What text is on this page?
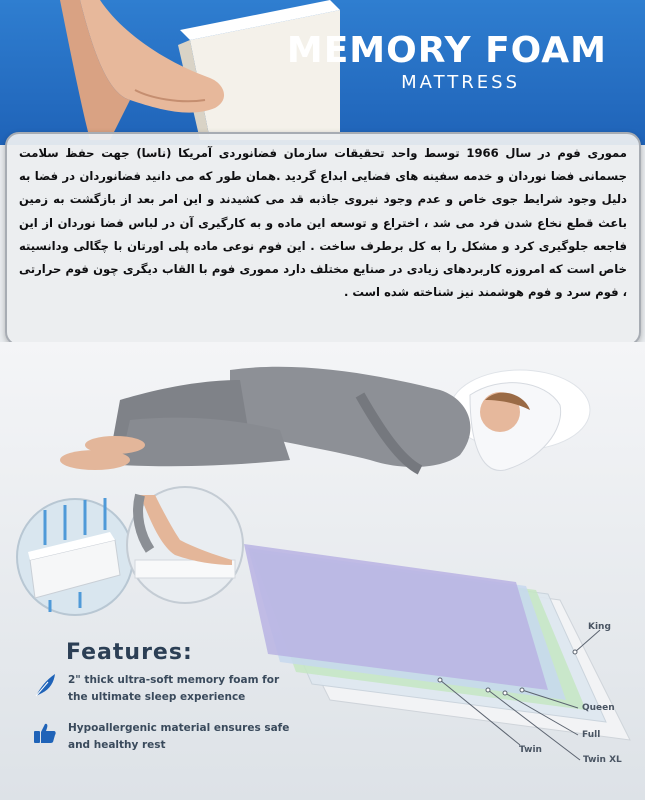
MEMORY FOAM
MATTRESS

مموری فوم در سال 1966 توسط واحد تحقیقات سازمان فضانوردی آمریکا (ناسا) جهت حفظ سلامت جسمانی فضا نوردان و خدمه سفینه های فضایی ابداع گردید .همان طور که می دانید فضانوردان در فضا به دلیل وجود شرایط جوی خاص و عدم وجود نیروی جاذبه قد می کشیدند و این امر بعد از بازگشت به زمین باعث قطع نخاع شدن فرد می شد ، اختراع و توسعه این ماده و به کارگیری آن در لباس فضا نوردان از این فاجعه جلوگیری کرد و مشکل را به کل برطرف ساخت . این فوم نوعی ماده پلی اورتان با چگالی ودانسیته خاص است که امروزه کاربردهای زیادی در صنایع مختلف دارد مموری فوم با القاب دیگری چون فوم حرارتی ، فوم سرد و فوم هوشمند نیز شناخته شده است .

King
Queen
Full
Twin XL
Twin
Features:
2" thick ultra-soft memory foam for the ultimate sleep experience
Hypoallergenic material ensures safe and healthy rest
